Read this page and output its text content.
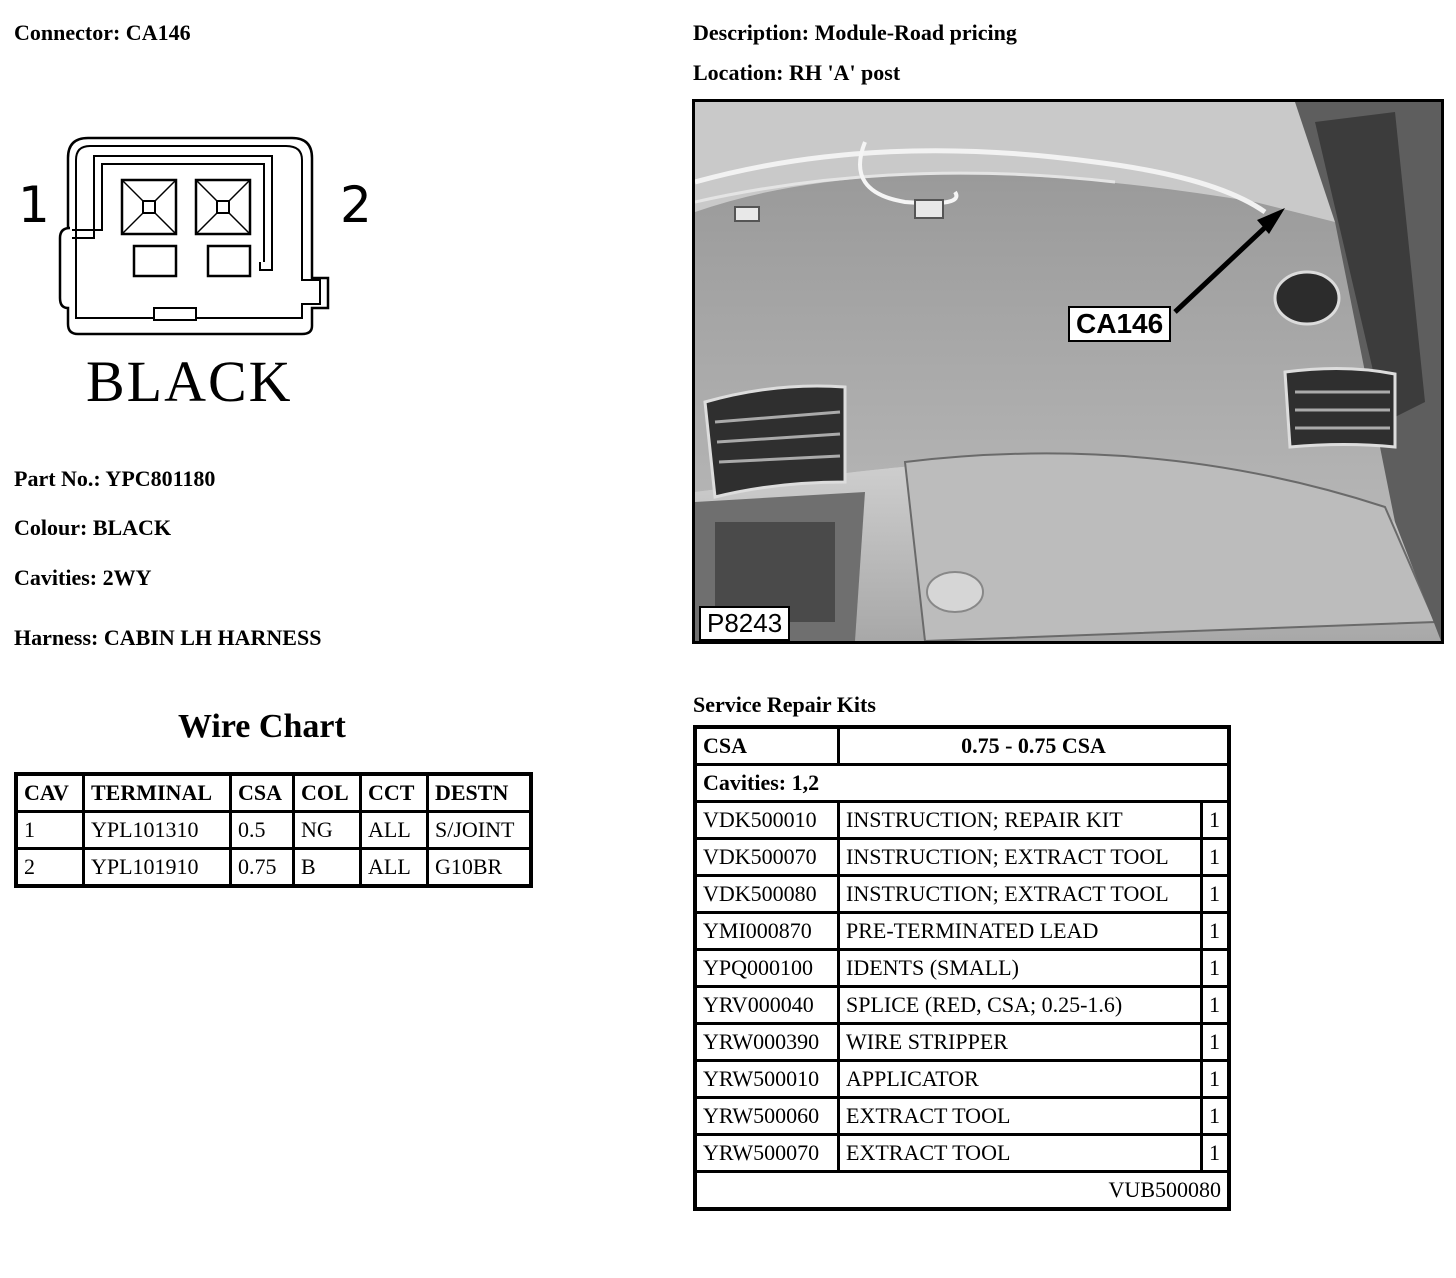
Connector: CA146
1	2
BLACK
Part No.: YPC801180
Colour: BLACK
Cavities: 2WY
Harness: CABIN LH HARNESS
Wire Chart
CAV	TERMINAL	CSA	COL	CCT	DESTN
1	YPL101310	0.5	NG	ALL	S/JOINT
2	YPL101910	0.75	B	ALL	G10BR
Description: Module-Road pricing
Location: RH 'A' post
CA146
P8243
Service Repair Kits
CSA	0.75 - 0.75 CSA	
Cavities: 1,2		
VDK500010	INSTRUCTION; REPAIR KIT	1
VDK500070	INSTRUCTION; EXTRACT TOOL	1
VDK500080	INSTRUCTION; EXTRACT TOOL	1
YMI000870	PRE-TERMINATED LEAD	1
YPQ000100	IDENTS (SMALL)	1
YRV000040	SPLICE (RED, CSA; 0.25-1.6)	1
YRW000390	WIRE STRIPPER	1
YRW500010	APPLICATOR	1
YRW500060	EXTRACT TOOL	1
YRW500070	EXTRACT TOOL	1
VUB500080		
